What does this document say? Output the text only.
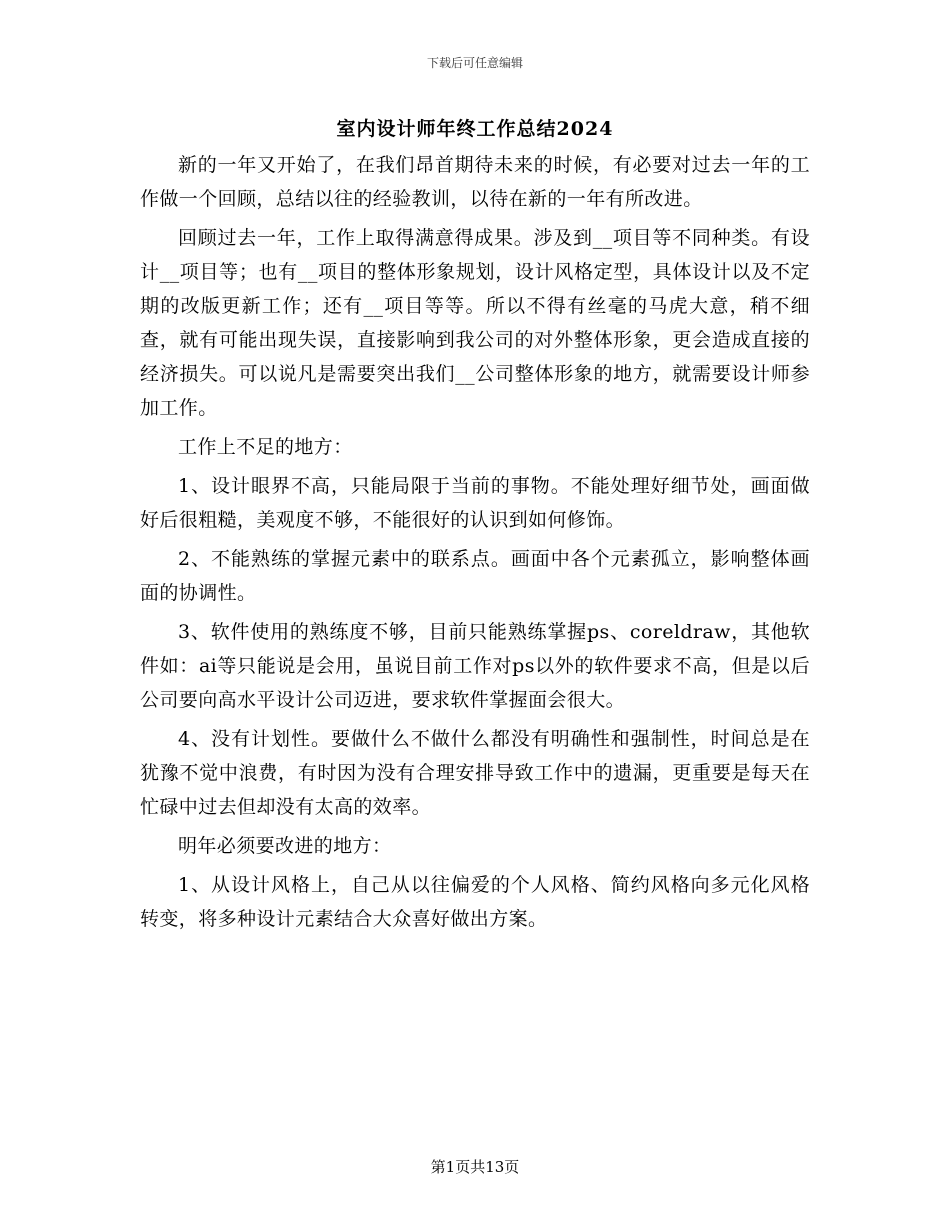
下载后可任意编辑
室内设计师年终工作总结2024

新的一年又开始了，在我们昂首期待未来的时候，有必要对过去一年的工作做一个回顾，总结以往的经验教训，以待在新的一年有所改进。

回顾过去一年，工作上取得满意得成果。涉及到__项目等不同种类。有设计__项目等；也有__项目的整体形象规划，设计风格定型，具体设计以及不定期的改版更新工作；还有__项目等等。所以不得有丝毫的马虎大意，稍不细查，就有可能出现失误，直接影响到我公司的对外整体形象，更会造成直接的经济损失。可以说凡是需要突出我们__公司整体形象的地方，就需要设计师参加工作。

工作上不足的地方：

1、设计眼界不高，只能局限于当前的事物。不能处理好细节处，画面做好后很粗糙，美观度不够，不能很好的认识到如何修饰。

2、不能熟练的掌握元素中的联系点。画面中各个元素孤立，影响整体画面的协调性。

3、软件使用的熟练度不够，目前只能熟练掌握ps、coreldraw，其他软件如：ai等只能说是会用，虽说目前工作对ps以外的软件要求不高，但是以后公司要向高水平设计公司迈进，要求软件掌握面会很大。

4、没有计划性。要做什么不做什么都没有明确性和强制性，时间总是在犹豫不觉中浪费，有时因为没有合理安排导致工作中的遗漏，更重要是每天在忙碌中过去但却没有太高的效率。

明年必须要改进的地方：

1、从设计风格上，自己从以往偏爱的个人风格、简约风格向多元化风格转变，将多种设计元素结合大众喜好做出方案。

第1页共13页
